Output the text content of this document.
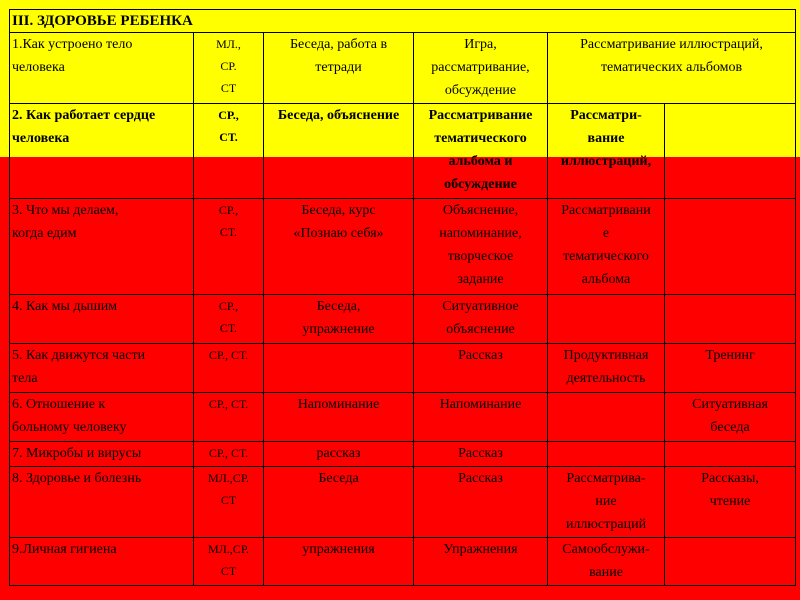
III. ЗДОРОВЬЕ РЕБЕНКА					

1.Как устроено тело
человека	МЛ.,
СР.
СТ	Беседа, работа в
тетради	Игра,
рассматривание,
обсуждение	Рассматривание иллюстраций,
тематических альбомов	

2. Как работает сердце
человека	СР.,
СТ.	Беседа, объяснение	Рассматривание
тематического
альбома и
обсуждение	Рассматри-
вание
иллюстраций,	

3. Что мы делаем,
когда едим	СР.,
СТ.	Беседа, курс
«Познаю себя»	Объяснение,
напоминание,
творческое
задание	Рассматривани
е
тематического
альбома	

4. Как мы дышим	СР.,
СТ.	Беседа,
упражнение	Ситуативное
объяснение		

5. Как движутся части
тела	СР., СТ.		Рассказ	Продуктивная
деятельность	Тренинг

6. Отношение к
больному человеку	СР., СТ.	Напоминание	Напоминание		Ситуативная
беседа

7. Микробы и вирусы	СР., СТ.	рассказ	Рассказ		

8. Здоровье и болезнь	МЛ.,СР.
СТ	Беседа	Рассказ	Рассматрива-
ние
иллюстраций	Рассказы,
чтение

9.Личная гигиена	МЛ.,СР.
СТ	упражнения	Упражнения	Самообслужи-
вание	
